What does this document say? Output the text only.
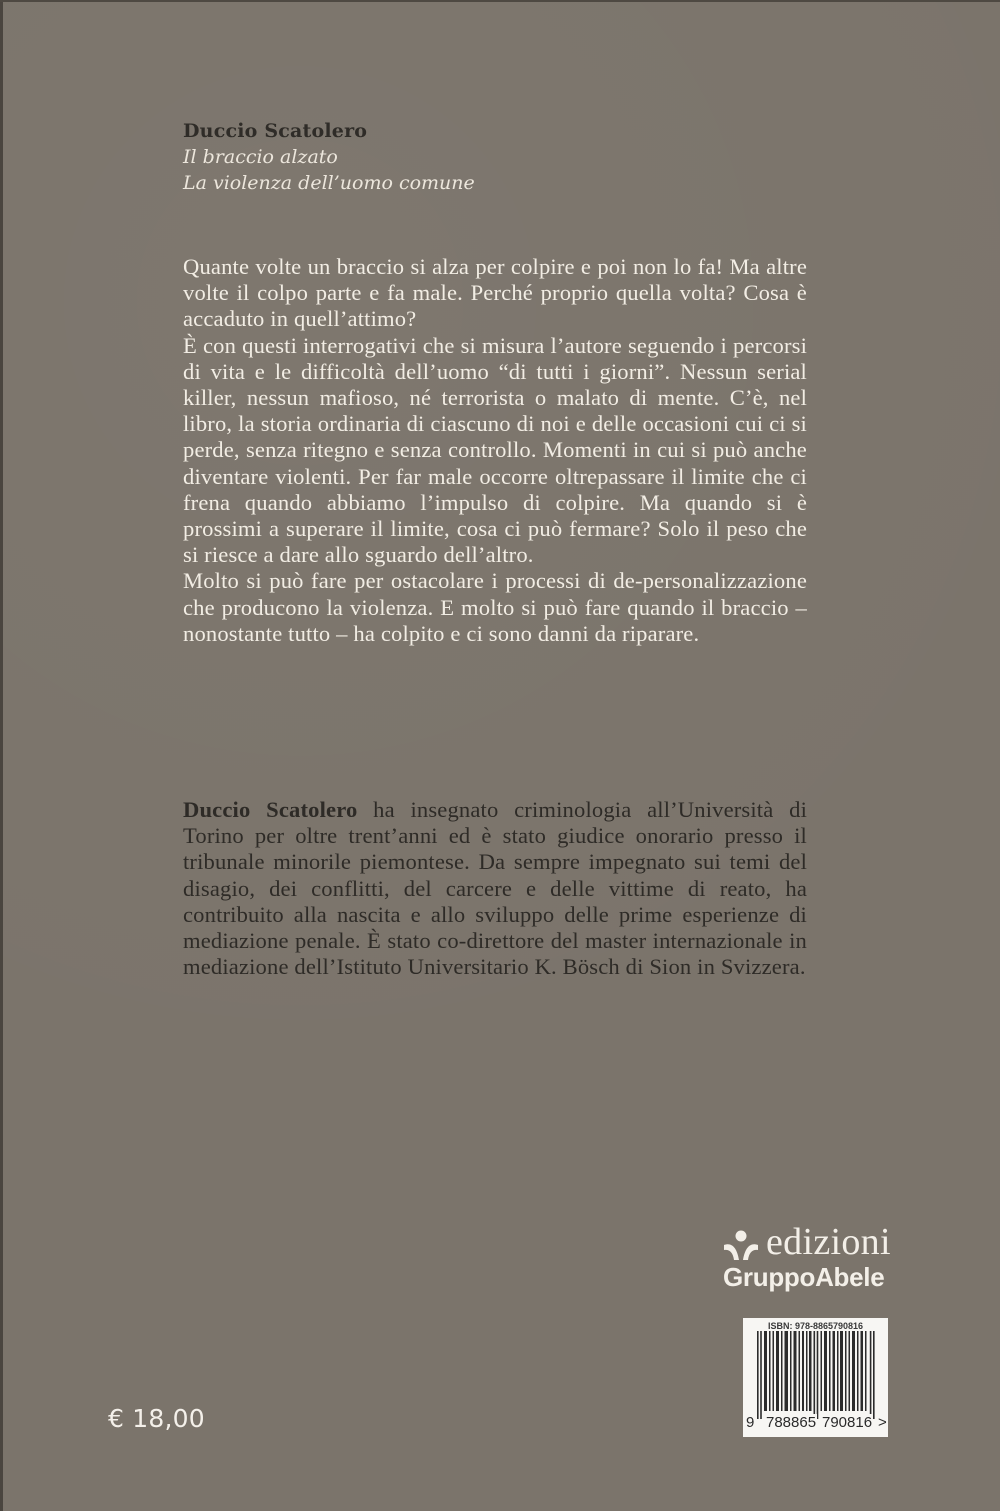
Duccio Scatolero
Il braccio alzato
La violenza dell’uomo comune

Quante volte un braccio si alza per colpire e poi non lo fa! Ma altre volte il colpo parte e fa male. Perché proprio quella volta? Cosa è accaduto in quell’attimo?

È con questi interrogativi che si misura l’autore seguendo i percorsi di vita e le difficoltà dell’uomo “di tutti i giorni”. Nessun serial killer, nessun mafioso, né terrorista o malato di mente. C’è, nel libro, la storia ordinaria di ciascuno di noi e delle occasioni cui ci si perde, senza ritegno e senza controllo. Momenti in cui si può anche diventare violenti. Per far male occorre oltrepassare il limite che ci frena quando abbiamo l’impulso di colpire. Ma quando si è prossimi a superare il limite, cosa ci può fermare? Solo il peso che si riesce a dare allo sguardo dell’altro.

Molto si può fare per ostacolare i processi di de-personalizzazione che producono la violenza. E molto si può fare quando il braccio – nonostante tutto – ha colpito e ci sono danni da riparare.

Duccio Scatolero ha insegnato criminologia all’Università di Torino per oltre trent’anni ed è stato giudice onorario presso il tribunale minorile piemontese. Da sempre impegnato sui temi del disagio, dei conflitti, del carcere e delle vittime di reato, ha contribuito alla nascita e allo sviluppo delle prime esperienze di mediazione penale. È stato co-direttore del master internazionale in mediazione dell’Istituto Universitario K. Bösch di Sion in Svizzera.
edizioni
GruppoAbele
ISBN: 978-8865790816
9 788865 790816 >
€ 18,00
